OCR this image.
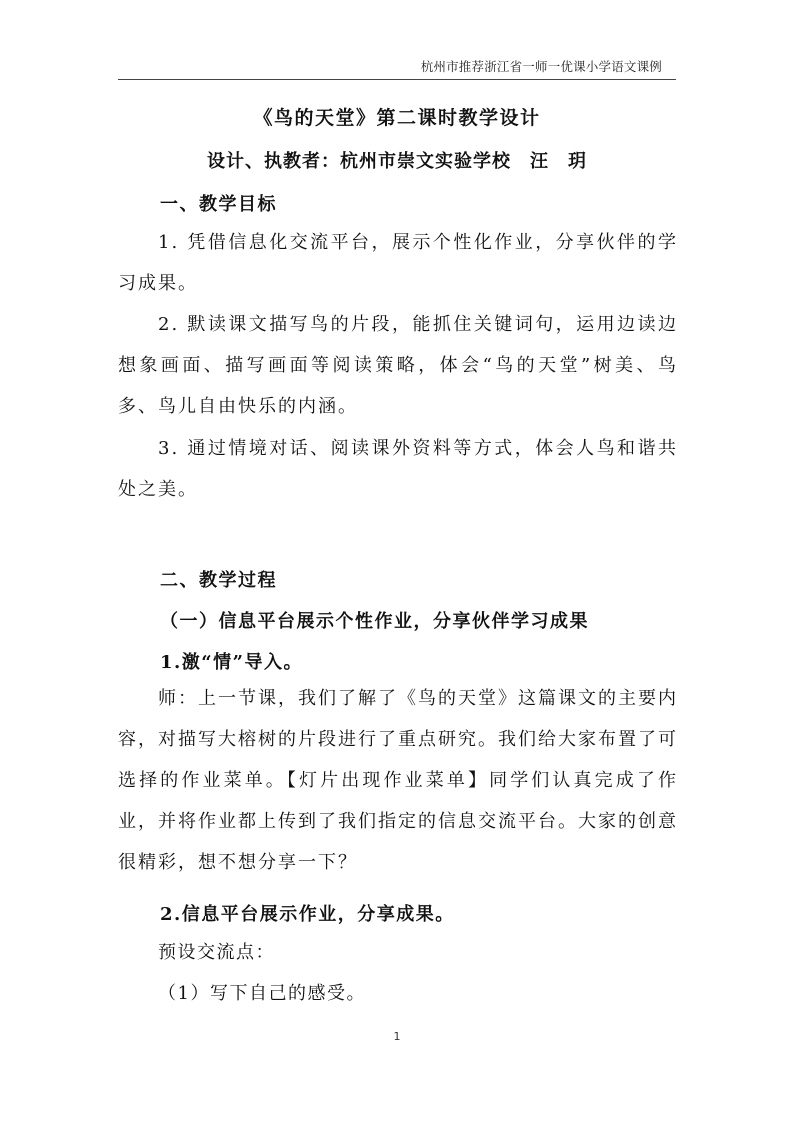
杭州市推荐浙江省一师一优课小学语文课例
《鸟的天堂》第二课时教学设计
设计、执教者：杭州市崇文实验学校　汪　玥
一、教学目标
1. 凭借信息化交流平台，展示个性化作业，分享伙伴的学习成果。
2. 默读课文描写鸟的片段，能抓住关键词句，运用边读边想象画面、描写画面等阅读策略，体会“鸟的天堂”树美、鸟多、鸟儿自由快乐的内涵。
3. 通过情境对话、阅读课外资料等方式，体会人鸟和谐共处之美。
二、教学过程
（一）信息平台展示个性作业，分享伙伴学习成果
1.激“情”导入。
师：上一节课，我们了解了《鸟的天堂》这篇课文的主要内容，对描写大榕树的片段进行了重点研究。我们给大家布置了可选择的作业菜单。【灯片出现作业菜单】同学们认真完成了作业，并将作业都上传到了我们指定的信息交流平台。大家的创意很精彩，想不想分享一下？
2.信息平台展示作业，分享成果。
预设交流点：
（1）写下自己的感受。
1
